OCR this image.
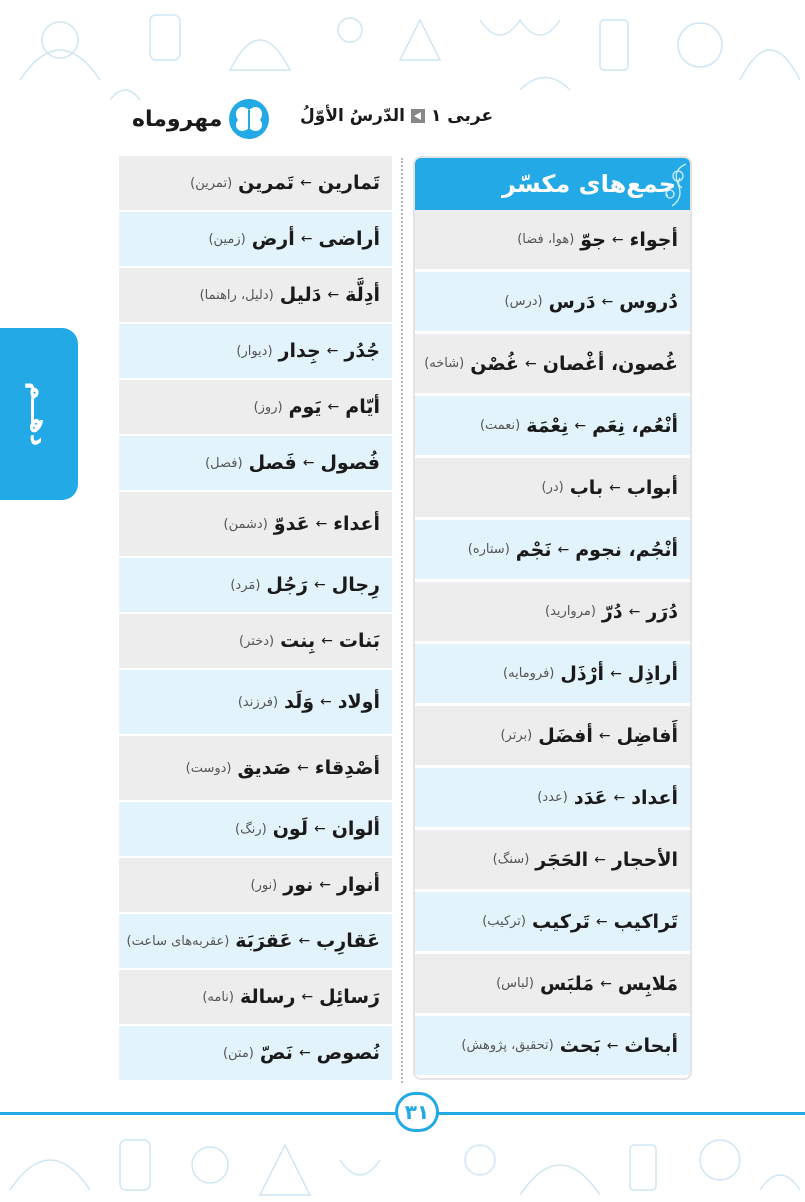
مهروماه	عربی ۱
الدّرسُ الأوّلُ
دهــم
جمع‌های مکسّر
أجواء
←
جوّ
(هوا، فضا)
دُروس
←
دَرس
(درس)
غُصون، أغْصان
←
غُصْن
(شاخه)
أنْعُم، نِعَم
←
نِعْمَة
(نعمت)
أبواب
←
باب
(در)
أنْجُم، نجوم
←
نَجْم
(ستاره)
دُرَر
←
دُرّ
(مروارید)
أراذِل
←
أرْذَل
(فرومایه)
أَفاضِل
←
أفضَل
(برتر)
أعداد
←
عَدَد
(عدد)
الأحجار
←
الحَجَر
(سنگ)
تَراكيب
←
تَركيب
(ترکیب)
مَلابِس
←
مَلبَس
(لباس)
أبحاث
←
بَحث
(تحقیق، پژوهش)
تَمارين
←
تَمرين
(تمرین)
أراضى
←
أرض
(زمین)
أدِلَّة
←
دَليل
(دلیل، راهنما)
جُدُر
←
جِدار
(دیوار)
أيّام
←
يَوم
(روز)
فُصول
←
فَصل
(فصل)
أعداء
←
عَدوّ
(دشمن)
رِجال
←
رَجُل
(مَرد)
بَنات
←
بِنت
(دختر)
أولاد
←
وَلَد
(فرزند)
أصْدِقاء
←
صَديق
(دوست)
ألوان
←
لَون
(رنگ)
أنوار
←
نور
(نور)
عَقارِب
←
عَقرَبَة
(عقربه‌های ساعت)
رَسائِل
←
رسالة
(نامه)
نُصوص
←
نَصّ
(متن)
۳۱
